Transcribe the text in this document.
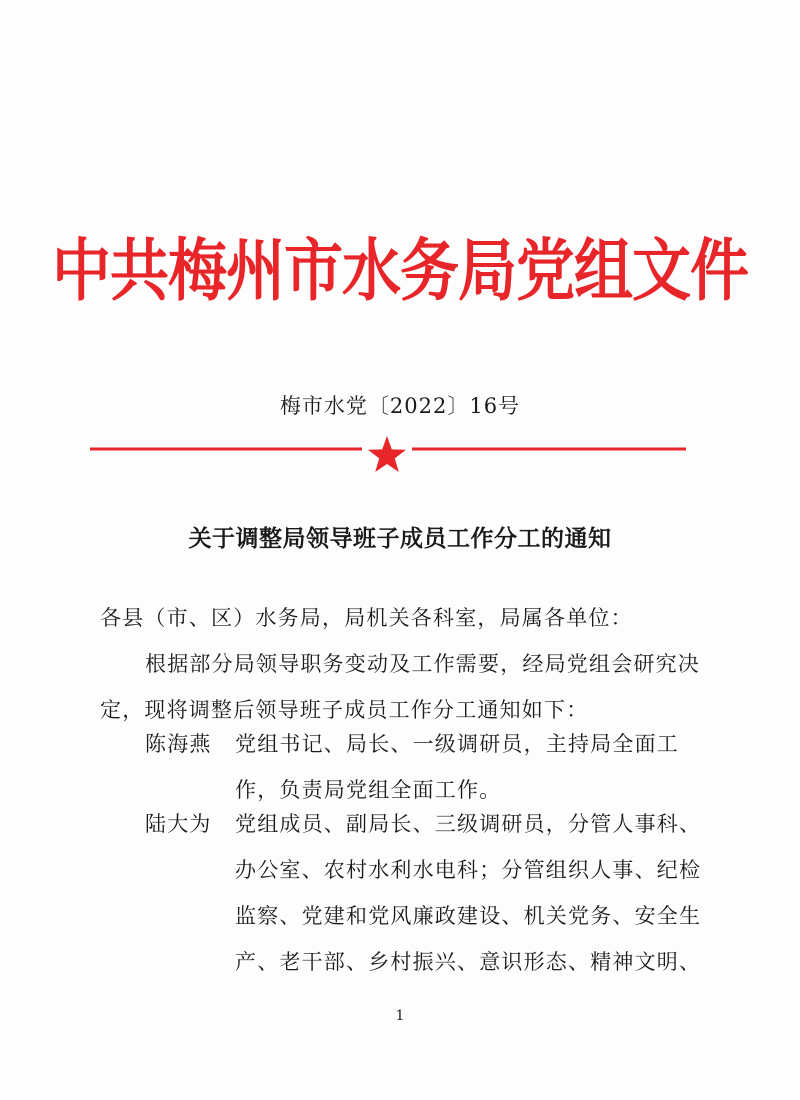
中共梅州市水务局党组文件
梅市水党〔2022〕16号
关于调整局领导班子成员工作分工的通知
各县（市、区）水务局，局机关各科室，局属各单位：
根据部分局领导职务变动及工作需要，经局党组会研究决定，现将调整后领导班子成员工作分工通知如下：
陈海燕 党组书记、局长、一级调研员，主持局全面工作，负责局党组全面工作。
陆大为 党组成员、副局长、三级调研员，分管人事科、办公室、农村水利水电科；分管组织人事、纪检监察、党建和党风廉政建设、机关党务、安全生产、老干部、乡村振兴、意识形态、精神文明、
1
